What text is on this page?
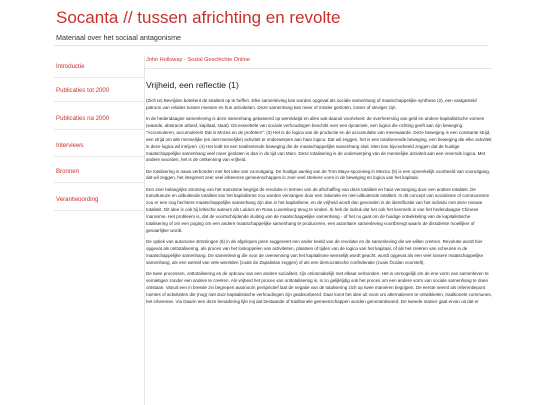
Socanta // tussen africhting en revolte
Materiaal over het sociaal antagonisme
Introductie
Publicaties tot 2000
Publicaties na 2000
Interviews
Bronnen
Verantwoording
John Holloway - Sozial Geschichte Online
Vrijheid, een reflectie (1)

(Zich te) Bevrijden betekent de totaliteit op te heffen. Elke samenleving kan worden opgevat als sociale samenhang of maatschappelijke synthese (2), een vastgesteld patroon van relaties tussen mensen en hun activiteiten. Deze samenhang kan meer of minder gesloten, losser of steviger zijn.

In de hedendaagse samenleving is deze samenhang gebaseerd op wereldwijd en alles wat daaruit voortvloeit: de overheersing van geld en andere kapitalistische vormen (waarde, abstracte arbeid, kapitaal, staat). Dit essentiële van sociale verhoudingen beschikt over een dynamiek, een logica die richting geeft aan zijn beweging: "Accumuleren, accumuleren! Dat is Mozes en de profeten!". (3) Het is de logica van de productie en de accumulatie van meerwaarde. Deze beweging is een constante strijd, een strijd om alle menselijke (en niet-menselijke) activiteit te onderwerpen aan haar logica. Dat wil zeggen, het is een totaliserende beweging, een beweging die elke activiteit in deze logica wil intrijven. (4) Het leidt tot een totaliserende beweging die de maatschappelijke samenhang sluit. Men kan bijvoorbeeld zeggen dat de huidige maatschappelijke samenhang veel meer gesloten is dan in de tijd van Marx. Deze totalisering is de onderwerping van de menselijke activiteit aan een vreemde logica. Met andere woorden, het is de ontkenning van vrijheid.

De totalisering is nauw verbonden met het idee van vooruitgang. De huidige aanleg van de Tron Mayo-spoorweg in Mexico (5) is een opmerkelijk voorbeeld van vooruitgang, dat wil zeggen, het integreert zeer veel inheemse gemeenschappen in zeer veel sterkere vorm in de beweging en logica van het kapitaal.

Een zeer belangrijke stroming van het marxisme begrijpt de revolutie in termen van de afschaffing van deze totaliteit en haar vervanging door een andere totaliteit. De tumultueuze en uitbuitende totaliteit van het kapitalisme zou worden vervangen door een rationele en niet-uitbuitende totaliteit. In dit concept van socialisme of communisme zou er een nog hechtere maatschappelijke samenhang zijn dan in het kapitalisme, en de vrijheid wordt dan gevonden in de identificatie van het individu met deze nieuwe totaliteit. Dit idee is ook bij kritische auteurs als Lukács en Rosa Luxemburg terug te vinden. Ik heb de indruk dat het ook het kenmerk is van het hedendaagse Chinese marxisme. Het probleem is, dat de voortschrijdende sluiting van de maatschappelijke samenhang - of het nu gaat om de huidige ontwikkeling van de kapitalistische totalisering of om een poging om een andere maatschappelijke samenhang te produceren, een autoritaire samenleving voortbrengt waarin de dissidente moeilijker of gevaarlijker wordt.

De optiek van autonome strömingen (6) in de afgelopen jaren suggereert een ander beeld van de revolutie en de samenleving die we willen creëren. Revolutie wordt hier opgevat als onttotalisering, als proces van het loskoppelen van activiteiten, plaatsen of tijden van de logica van het kapitaal, of als het creëren van scheuren in de maatschappelijke samenhang. De samenleving die voor de overwinning van het kapitalisme wenselijk wordt geacht, wordt opgevat als een veel lossere maatschappelijke samenhang, als een wereld van vele werelden (zoals de Zapatistas zeggen) of als een democratische confederatie (zoals Öcalan voorstelt).

De twee processen, onttotalisering en de opbouw van een andere socialiteit, zijn onlosmakelijk met elkaar verbonden. Het is onmogelijk om de ene vorm van samenleven te vernietigen zonder een andere te creëren. Als vrijheid het proces van onttotalisering is, is zo gelijktijdig ook het proces om een andere vorm van sociale samenhang te doen ontstaan. Vanuit een in breede zin begrepen autonoom perspectief laat de negatie van de totalisering zich op twee manieren begrijpen. De eerste neemt als referentiepunt ruimtes of activiteiten die (nog) niet door kapitalistische verhoudingen zijn geabsorbeerd. Daar komt het idee uit voort om alternatieven te ontwikkelen, traditionele communes, het inheemse. Via Daarin een deze benadering lijkt mij dat bestaande of traditionele gemeenschappen worden geromantiseerd. De tweede manier gaat ervan uit dat er
